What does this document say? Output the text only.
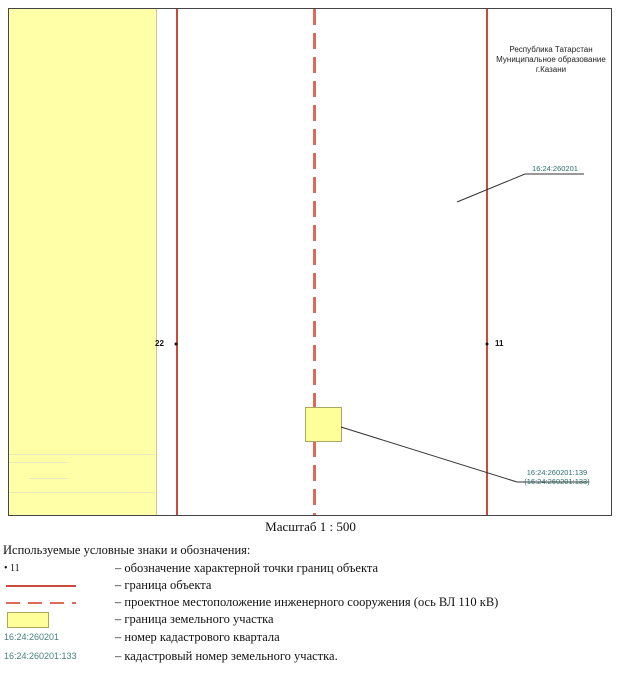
Республика Татарстан
Муниципальное образование
г.Казани
22	11
16:24:260201
16:24:260201:139
(16:24:260201:133)
Масштаб 1 : 500
Используемые условные знаки и обозначения:
• 11	– обозначение характерной точки границ объекта
– граница объекта
– проектное местоположение инженерного сооружения (ось ВЛ 110 кВ)
– граница земельного участка
16:24:260201	– номер кадастрового квартала
16:24:260201:133	– кадастровый номер земельного участка.
